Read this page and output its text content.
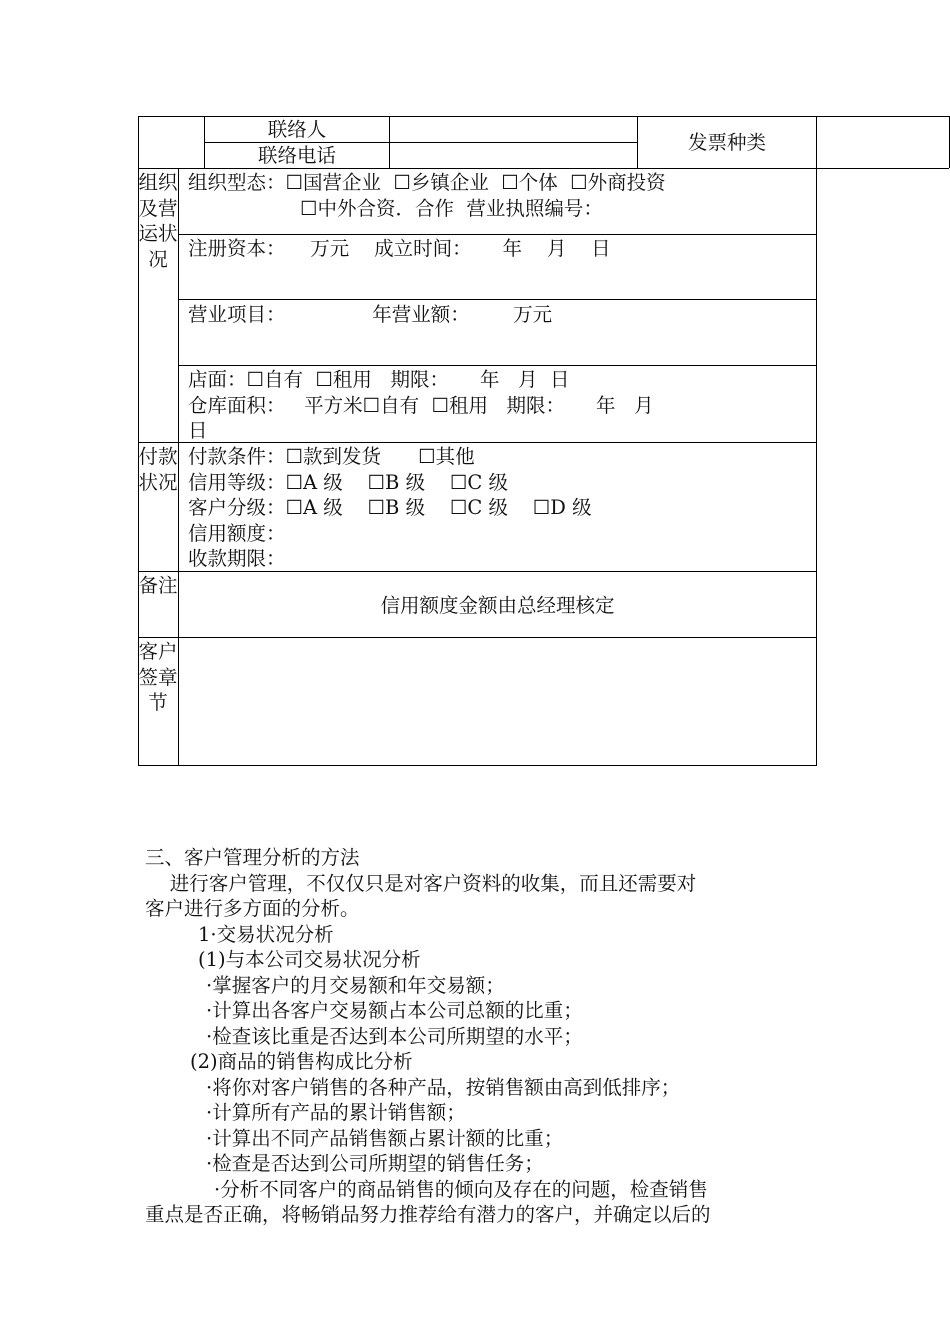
联络人
联络电话
发票种类
组织及营运状况
组织型态：☐国营企业  ☐乡镇企业  ☐个体  ☐外商投资
☐中外合资．合作  营业执照编号：
注册资本：    万元    成立时间：     年    月    日
营业项目：              年营业额：       万元
店面：☐自有  ☐租用   期限：     年   月  日
仓库面积：   平方米☐自有  ☐租用   期限：     年   月
日
付款状况
付款条件：☐款到发货      ☐其他
信用等级：☐A 级    ☐B 级    ☐C 级
客户分级：☐A 级    ☐B 级    ☐C 级    ☐D 级
信用额度：
收款期限：
备注
信用额度金额由总经理核定
客户签章节
三、客户管理分析的方法
进行客户管理，不仅仅只是对客户资料的收集，而且还需要对
客户进行多方面的分析。
1·交易状况分析
(1)与本公司交易状况分析
·掌握客户的月交易额和年交易额；
·计算出各客户交易额占本公司总额的比重；
·检查该比重是否达到本公司所期望的水平；
(2)商品的销售构成比分析
·将你对客户销售的各种产品，按销售额由高到低排序；
·计算所有产品的累计销售额；
·计算出不同产品销售额占累计额的比重；
·检查是否达到公司所期望的销售任务；
·分析不同客户的商品销售的倾向及存在的问题，检查销售
重点是否正确，将畅销品努力推荐给有潜力的客户，并确定以后的
